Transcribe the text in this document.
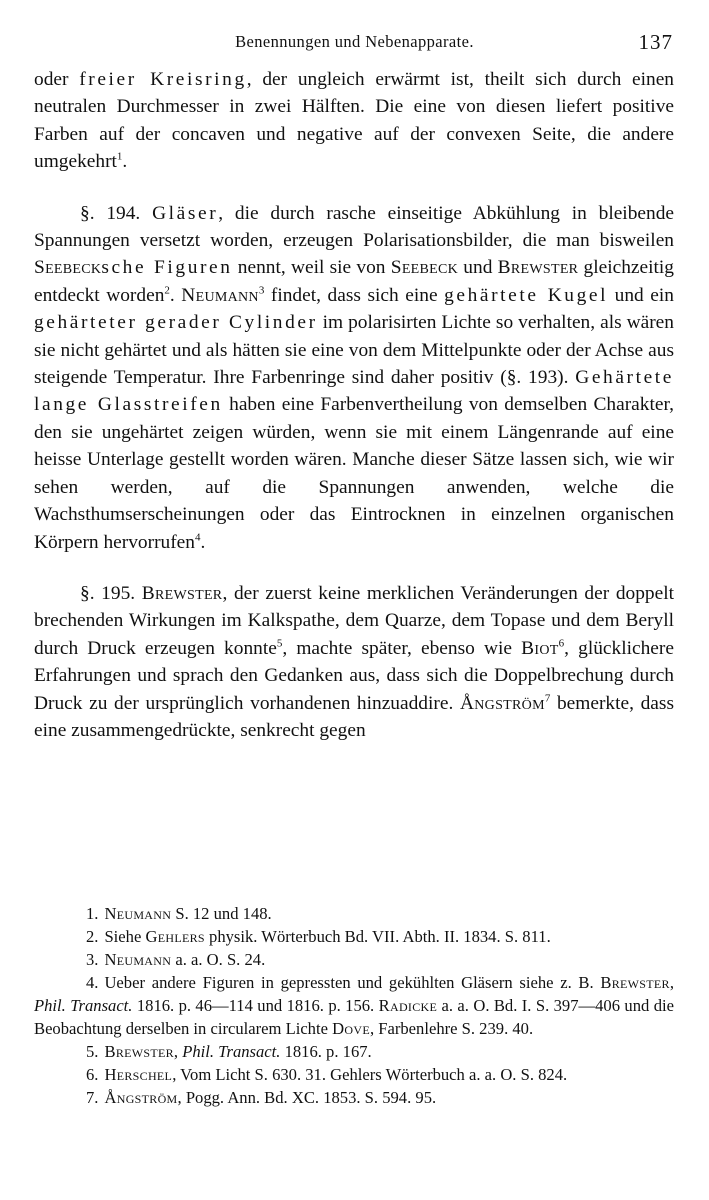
Benennungen und Nebenapparate.	137

oder freier Kreisring, der ungleich erwärmt ist, theilt sich durch einen neutralen Durchmesser in zwei Hälften. Die eine von diesen liefert positive Farben auf der concaven und negative auf der convexen Seite, die andere umgekehrt$^1$.

§. 194. Gläser, die durch rasche einseitige Abkühlung in bleibende Spannungen versetzt worden, erzeugen Polarisationsbilder, die man bisweilen Seebecksche Figuren nennt, weil sie von Seebeck und Brewster gleichzeitig entdeckt worden$^2$. Neumann$^3$ findet, dass sich eine gehärtete Kugel und ein gehärteter gerader Cylinder im polarisirten Lichte so verhalten, als wären sie nicht gehärtet und als hätten sie eine von dem Mittelpunkte oder der Achse aus steigende Temperatur. Ihre Farbenringe sind daher positiv (§. 193). Gehärtete lange Glasstreifen haben eine Farbenvertheilung von demselben Charakter, den sie ungehärtet zeigen würden, wenn sie mit einem Längenrande auf eine heisse Unterlage gestellt worden wären. Manche dieser Sätze lassen sich, wie wir sehen werden, auf die Spannungen anwenden, welche die Wachsthumserscheinungen oder das Eintrocknen in einzelnen organischen Körpern hervorrufen$^4$.

§. 195. Brewster, der zuerst keine merklichen Veränderungen der doppelt brechenden Wirkungen im Kalkspathe, dem Quarze, dem Topase und dem Beryll durch Druck erzeugen konnte$^5$, machte später, ebenso wie Biot$^6$, glücklichere Erfahrungen und sprach den Gedanken aus, dass sich die Doppelbrechung durch Druck zu der ursprünglich vorhandenen hinzuaddire. Ångström$^7$ bemerkte, dass eine zusammengedrückte, senkrecht gegen

1. Neumann S. 12 und 148.

2. Siehe Gehlers physik. Wörterbuch Bd. VII. Abth. II. 1834. S. 811.

3. Neumann a. a. O. S. 24.

4. Ueber andere Figuren in gepressten und gekühlten Gläsern siehe z. B. Brewster, Phil. Transact. 1816. p. 46—114 und 1816. p. 156. Radicke a. a. O. Bd. I. S. 397—406 und die Beobachtung derselben in circularem Lichte Dove, Farbenlehre S. 239. 40.

5. Brewster, Phil. Transact. 1816. p. 167.

6. Herschel, Vom Licht S. 630. 31. Gehlers Wörterbuch a. a. O. S. 824.

7. Ångström, Pogg. Ann. Bd. XC. 1853. S. 594. 95.
